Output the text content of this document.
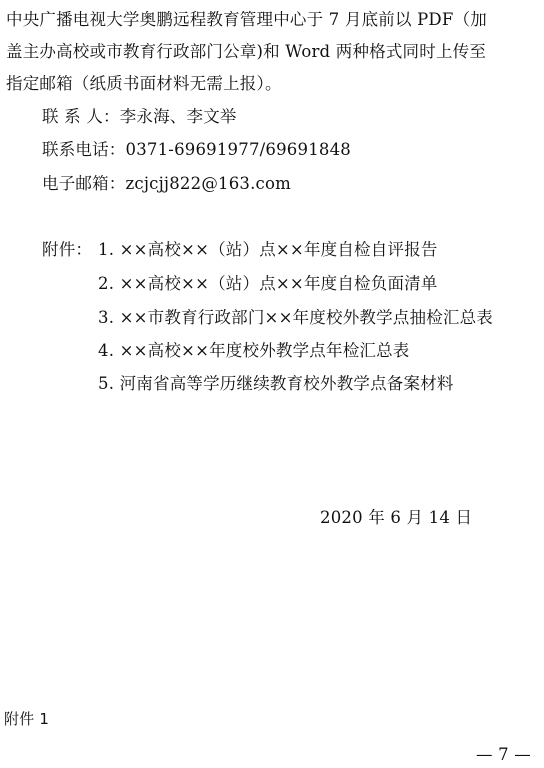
中央广播电视大学奥鹏远程教育管理中心于 7 月底前以 PDF（加
盖主办高校或市教育行政部门公章)和 Word 两种格式同时上传至
指定邮箱（纸质书面材料无需上报）。
联 系 人：李永海、李文举
联系电话：0371-69691977/69691848
电子邮箱：zcjcjj822@163.com
附件： 1. ××高校××（站）点××年度自检自评报告
2. ××高校××（站）点××年度自检负面清单
3. ××市教育行政部门××年度校外教学点抽检汇总表
4. ××高校××年度校外教学点年检汇总表
5. 河南省高等学历继续教育校外教学点备案材料
2020 年 6 月 14 日
附件 1
— 7 —
